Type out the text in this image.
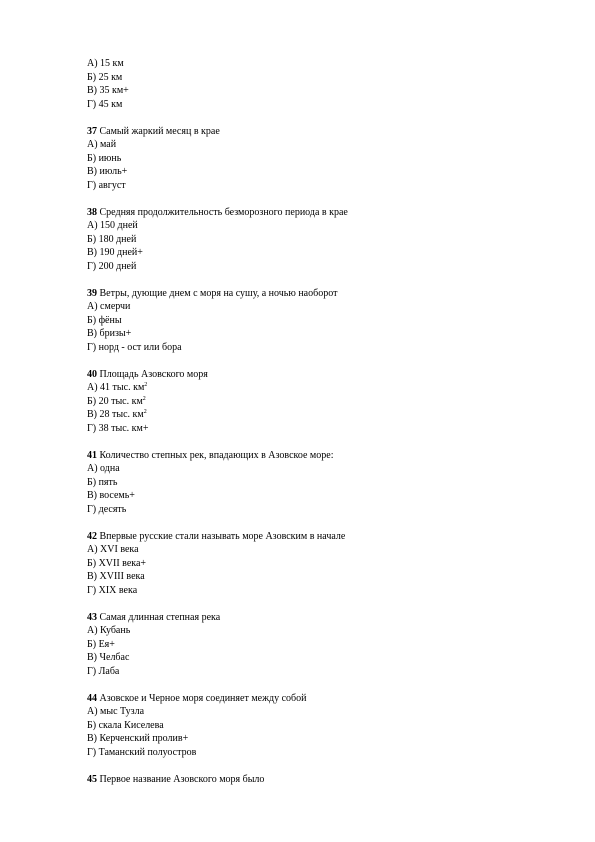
А) 15 км
Б) 25 км
В) 35 км+
Г) 45 км
37 Самый жаркий месяц в крае
А) май
Б) июнь
В) июль+
Г) август
38 Средняя продолжительность безморозного периода в крае
А) 150 дней
Б) 180 дней
В) 190 дней+
Г) 200 дней
39 Ветры, дующие днем с моря на сушу, а ночью наоборот
А) смерчи
Б) фёны
В) бризы+
Г) норд - ост или бора
40 Площадь Азовского моря
А) 41 тыс. $км^2$
Б) 20 тыс. $км^2$
В) 28 тыс. $км^2$
Г) 38 тыс. км+
41 Количество степных рек, впадающих в Азовское море:
А) одна
Б) пять
В) восемь+
Г) десять
42 Впервые русские стали называть море Азовским в начале
А) XVI века
Б) XVII века+
В) XVIII века
Г) XIX века
43 Самая длинная степная река
А) Кубань
Б) Ея+
В) Челбас
Г) Лаба
44 Азовское и Черное моря соединяет между собой
А) мыс Тузла
Б) скала Киселева
В) Керченский пролив+
Г) Таманский полуостров
45 Первое название Азовского моря было
